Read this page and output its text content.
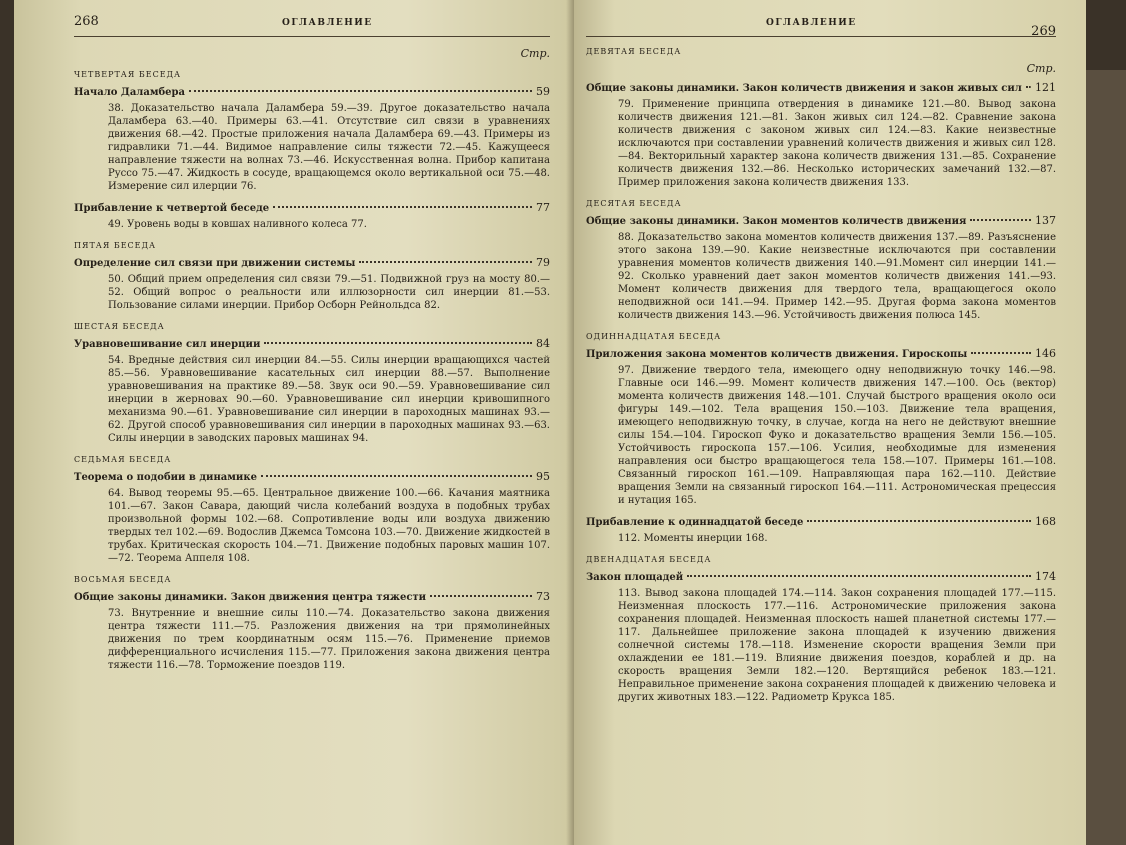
268	ОГЛАВЛЕНИЕ
Стр.
ЧЕТВЕРТАЯ БЕСЕДА
Начало Даламбера	59
38. Доказательство начала Даламбера 59.—39. Другое доказательство начала Даламбера 63.—40. Примеры 63.—41. Отсутствие сил связи в уравнениях движения 68.—42. Простые приложения начала Даламбера 69.—43. Примеры из гидравлики 71.—44. Видимое направление силы тяжести 72.—45. Кажущееся направление тяжести на волнах 73.—46. Искусственная волна. Прибор капитана Руссо 75.—47. Жидкость в сосуде, вращающемся около вертикальной оси 75.—48. Измерение сил илерции 76.
Прибавление к четвертой беседе	77
49. Уровень воды в ковшах наливного колеса 77.
ПЯТАЯ БЕСЕДА
Определение сил связи при движении системы	79
50. Общий прием определения сил связи 79.—51. Подвижной груз на мосту 80.—52. Общий вопрос о реальности или иллюзорности сил инерции 81.—53. Пользование силами инерции. Прибор Осборн Рейнольдса 82.
ШЕСТАЯ БЕСЕДА
Уравновешивание сил инерции	84
54. Вредные действия сил инерции 84.—55. Силы инерции вращающихся частей 85.—56. Уравновешивание касательных сил инерции 88.—57. Выполнение уравновешивания на практике 89.—58. Звук оси 90.—59. Уравновешивание сил инерции в жерновах 90.—60. Уравновешивание сил инерции кривошипного механизма 90.—61. Уравновешивание сил инерции в пароходных машинах 93.—62. Другой способ уравновешивания сил инерции в пароходных машинах 93.—63. Силы инерции в заводских паровых машинах 94.
СЕДЬМАЯ БЕСЕДА
Теорема о подобии в динамике	95
64. Вывод теоремы 95.—65. Центральное движение 100.—66. Качания маятника 101.—67. Закон Савара, дающий числа колебаний воздуха в подобных трубах произвольной формы 102.—68. Сопротивление воды или воздуха движению твердых тел 102.—69. Водослив Джемса Томсона 103.—70. Движение жидкостей в трубах. Критическая скорость 104.—71. Движение подобных паровых машин 107.—72. Теорема Аппеля 108.
ВОСЬМАЯ БЕСЕДА
Общие законы динамики. Закон движения центра тяжести	73
73. Внутренние и внешние силы 110.—74. Доказательство закона движения центра тяжести 111.—75. Разложения движения на три прямолинейных движения по трем координатным осям 115.—76. Применение приемов дифференциального исчисления 115.—77. Приложения закона движения центра тяжести 116.—78. Торможение поездов 119.
ОГЛАВЛЕНИЕ
ДЕВЯТАЯ БЕСЕДА
269
Стр.
Общие законы динамики. Закон количеств движения и закон живых сил 121
79. Применение принципа отвердения в динамике 121.—80. Вывод закона количеств движения 121.—81. Закон живых сил 124.—82. Сравнение закона количеств движения с законом живых сил 124.—83. Какие неизвестные исключаются при составлении уравнений количеств движения и живых сил 128.—84. Векторильный характер закона количеств движения 131.—85. Сохранение количеств движения 132.—86. Несколько исторических замечаний 132.—87. Пример приложения закона количеств движения 133.
ДЕСЯТАЯ БЕСЕДА
Общие законы динамики. Закон моментов количеств движения	137
88. Доказательство закона моментов количеств движения 137.—89. Разъяснение этого закона 139.—90. Какие неизвестные исключаются при составлении уравнения моментов количеств движения 140.—91.Момент сил инерции 141.—92. Сколько уравнений дает закон моментов количеств движения 141.—93. Момент количеств движения для твердого тела, вращающегося около неподвижной оси 141.—94. Пример 142.—95. Другая форма закона моментов количеств движения 143.—96. Устойчивость движения полюса 145.
ОДИННАДЦАТАЯ БЕСЕДА
Приложения закона моментов количеств движения. Гироскопы	146
97. Движение твердого тела, имеющего одну неподвижную точку 146.—98. Главные оси 146.—99. Момент количеств движения 147.—100. Ось (вектор) момента количеств движения 148.—101. Случай быстрого вращения около оси фигуры 149.—102. Тела вращения 150.—103. Движение тела вращения, имеющего неподвижную точку, в случае, когда на него не действуют внешние силы 154.—104. Гироскоп Фуко и доказательство вращения Земли 156.—105. Устойчивость гироскопа 157.—106. Усилия, необходимые для изменения направления оси быстро вращающегося тела 158.—107. Примеры 161.—108. Связанный гироскоп 161.—109. Направляющая пара 162.—110. Действие вращения Земли на связанный гироскоп 164.—111. Астрономическая прецессия и нутация 165.
Прибавление к одиннадцатой беседе	168
112. Моменты инерции 168.
ДВЕНАДЦАТАЯ БЕСЕДА
Закон площадей	174
113. Вывод закона площадей 174.—114. Закон сохранения площадей 177.—115. Неизменная плоскость 177.—116. Астрономические приложения закона сохранения площадей. Неизменная плоскость нашей планетной системы 177.—117. Дальнейшее приложение закона площадей к изучению движения солнечной системы 178.—118. Изменение скорости вращения Земли при охлаждении ее 181.—119. Влияние движения поездов, кораблей и др. на скорость вращения Земли 182.—120. Вертящийся ребенок 183.—121. Неправильное применение закона сохранения площадей к движению человека и других животных 183.—122. Радиометр Крукса 185.
